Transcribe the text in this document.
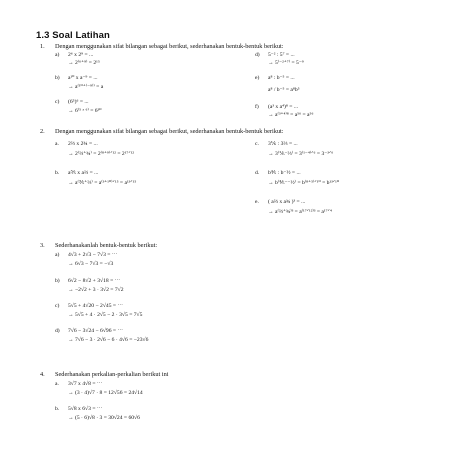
1.3 Soal Latihan
1. Dengan menggunakan sifat bilangan sebagai berikut, sederhanakan bentuk-bentuk berikut:
a) 2⁶ x 2⁹ = ...
→ 2⁽⁶⁺⁹⁾ = 2¹⁵
b) a¹⁰ x a⁻⁹ = ...
→ a⁽¹⁰⁺⁽⁻⁹⁾⁾ = a
c) (6⁵)⁶ = ...
→ 6⁽⁵ ˣ ⁶⁾ = 6³⁰
d) 5⁻² : 5⁷ = ...
→ 5⁽⁻²⁺⁷⁾ = 5⁻⁹
e) a⁸ : b⁻⁵ = ...
a⁸ / b⁻⁵ = a⁸b⁵
f) (a³ x a⁴)⁸ = ...
→ a⁽³⁺⁴⁾⁸ = a⁵⁶ = a⁵⁶
2. Dengan menggunakan sifat bilangan sebagai berikut, sederhanakan bentuk-bentuk berikut:
a. 2⅔ x 2¾ = ...
→ 2⁽⅔⁺¾⁾ = 2⁽⁸⁺⁹⁾ᐟ¹² = 2¹⁷ᐟ¹²
b. a⅗ x a⅔ = ...
→ a⁽⅗⁺⅔⁾ = a⁽³⁺¹⁰⁾ᐟ¹⁵ = a¹³ᐟ¹⁵
c. 3⅙ : 3⅔ = ...
→ 3⁽⅙⁻⅔⁾ = 3⁽¹⁻⁴⁾ᐟ⁶ = 3⁻³ᐟ⁶
d. b⅘ : b⁻½ = ...
→ b⁽⅘⁻⁻½⁾ = b⁽⁸⁺⁵⁾ᐟ¹⁰ = b¹³ᐟ¹⁰
e. ( a⅔ x a¾ )³ = ...
→ a⁽⅔⁺¾⁾³ = a⁽¹⁷ᐟ¹²⁾³ = a¹⁷ᐟ⁴
3. Sederhanakanlah bentuk-bentuk berikut:
a) 4√3 + 2√3 − 7√3 = ⋯
→ 6√3 − 7√3 = −√3
b) 6√2 − 8√2 + 3√18 = ⋯
→ −2√2 + 3 · 3√2 = 7√2
c) 5√5 + 4√20 − 2√45 = ⋯
→ 5√5 + 4 · 2√5 − 2 · 3√5 = 7√5
d) 7√6 − 3√24 − 6√96 = ⋯
→ 7√6 − 3 · 2√6 − 6 · 4√6 = −23√6
4. Sederhanakan perkalian-perkalian berikut ini
a. 3√7 x 4√8 = ⋯
→ (3 · 4)√7 · 8 = 12√56 = 24√14
b. 5√8 x 6√3 = ⋯
→ (5 · 6)√8 · 3 = 30√24 = 60√6
